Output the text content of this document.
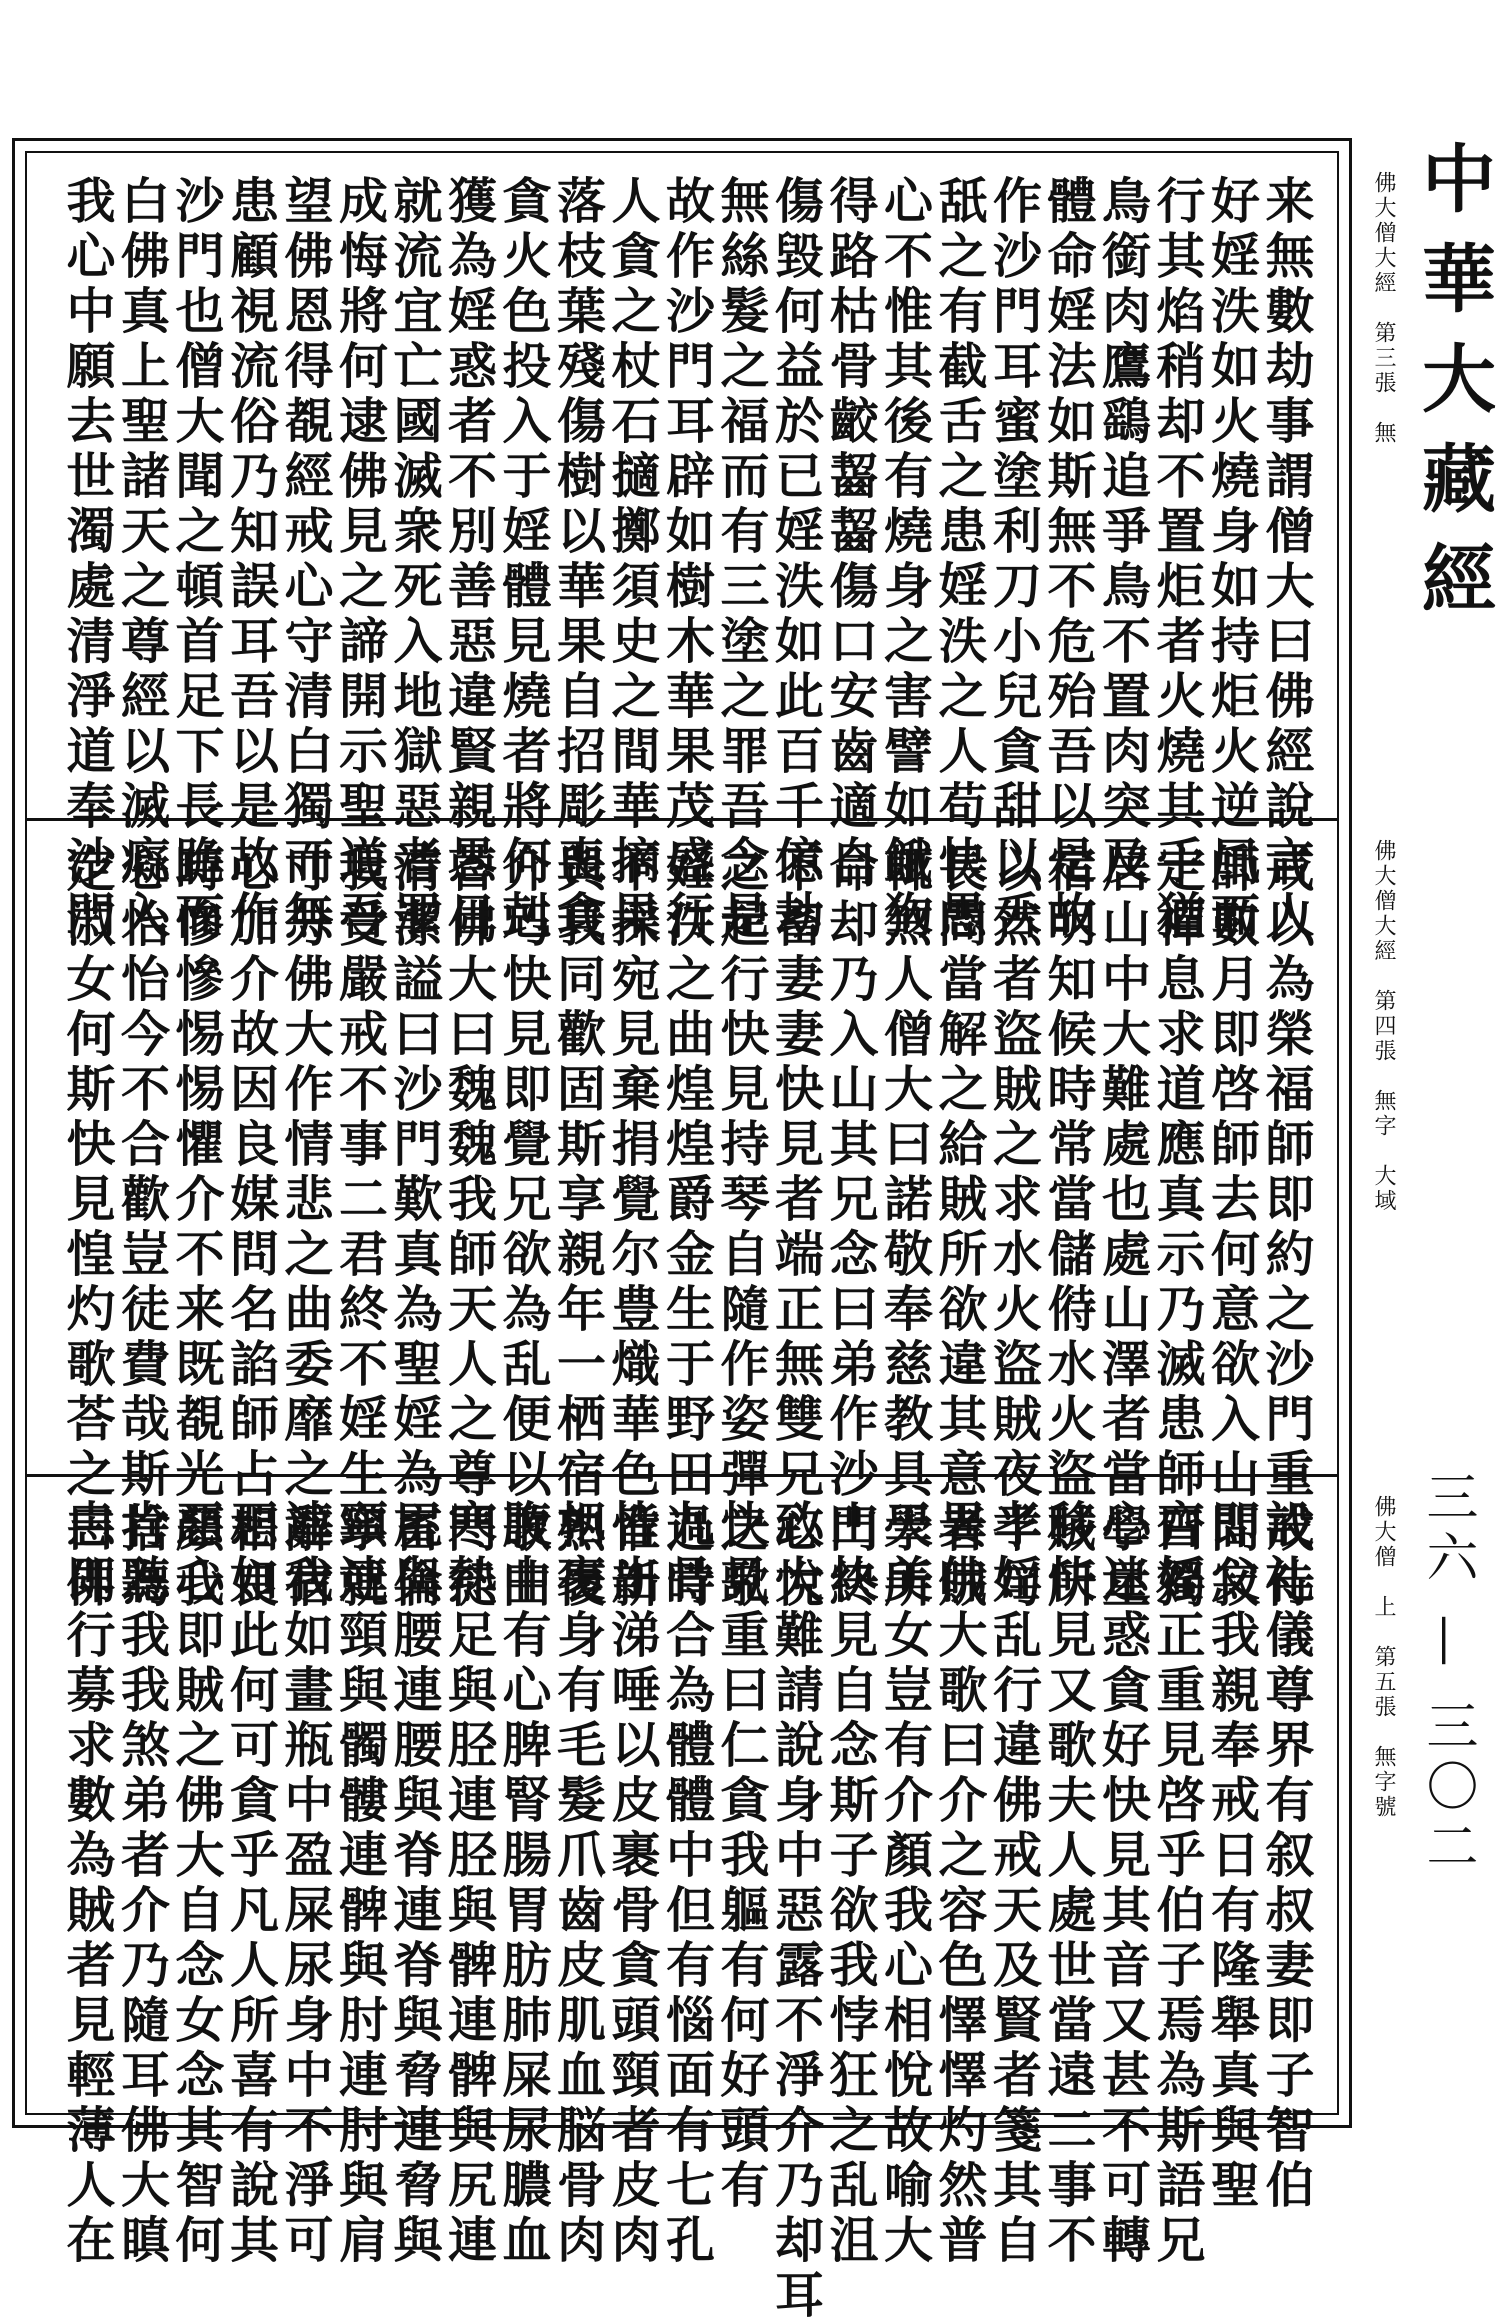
来無數劫事謂僧大曰佛經說言人
好婬泆如火燒身如持炬火逆風而
行其焰稍却不置炬者火燒其手猶
鳥銜肉鷹鷂追爭鳥不置肉突及
體命婬法如斯無不危殆吾以是故
作沙門耳蜜塗利刀小兒貪甜以舌
舐之有截舌之患婬泆之人苟快愚
心不惟其後有燒身之害譬如餓狗
得路枯骨齩齧齧傷口安齒適自
傷毀何益於已婬泆如此百千億劫
無絲髮之福而有三塗之罪吾念是
故作沙門耳辟如樹木華果茂盛行
人貪之杖石擿擲須史之間華摘果
落枝葉殘傷樹以華果自招彫喪貪
貪火色投入于婬體見燒者將何剋
獲為婬惑者不別善惡違賢親愚日
就流宜亡國滅衆死入地獄惡者罪
成悔將何逮佛見之諦開示聖道吾
望佛恩得覩經戒心守清白獨而無
患顧視流俗乃知誤耳吾以是故作
沙門也僧大聞之頓首足下長跪而
白佛真上聖諸天之尊經以滅癡入
我心中願去世濁處清淨道奉沙門	佛大僧大經　第三張　無
戒以為榮福師即約之沙門重戒侍
師數月即啓師去何意欲入山間寂
定禪息求道應真示乃滅患師曰獨
居山中大難處也處山澤者當學星
宿明知候時常當儲偫水火盜賊所
以然者盜賊之求水火盜賊夜半句
長問當解之給賊所欲違其意者賊
輒煞人僧大曰諾敬奉慈教具學所
命却乃入山其兄念曰弟作沙門終
不畜妻妻快見者端正無雙兄心悅
之起行快見持琴自隨作姿彈之歌
婬泆之曲煌煌爵金生于野田過時
不採宛見棄捐覺尔豊熾華色惟新
與我同歡固斯享親年一栖宿熟復
介巧快見即覺兄欲為乱便以歌曲
荅佛大曰魏魏我師天人之尊門徒
清潔謚曰沙門歎真為聖婬為畜倫
我受嚴戒不事二君終不婬生寧就
寸分佛大作情悲之曲委靡之辭宿
心加介故因良媒問名諂師占相良
時慘慘惕惕懼介不来既覩光顏我
心怡怡今不合歡豈徒費哉斯捨為
定淑女何斯快見惶灼歌荅之曰佛	佛大僧大經　第四張　無字　大域
設礼儀尊界有叙叔妻即子智伯
即父我親奉戒日有隆舉真與聖
齊婬正重見啓乎伯子焉為斯語兄
心迷惑貪好快見其音又甚不可轉
移快見又歌夫人處世當遠二事不
孝婬乱行違佛戒天及賢者箋其自
異佛大歌曰介之容色懌懌灼然普
天美女豈有介顏我心相悅故喻大
山快見自念斯子欲我悖狂之乱沮
致大難請說身中惡露不淨介乃却耳
快見重曰仁貪我軀有何好頭有
九骨合為體體中但有惱面有七孔
皆出涕唾以皮裹骨貪頭頸者皮肉
相裹身有毛髮爪齒皮肌血脳骨肉
腹中有心脾腎腸胃肪肺屎尿膿血
寒熱足與胫連胫與髀連髀與尻連
尻與腰連腰與脊連脊與脅連脅與
頸連頸與髑髏連髀與肘連肘與肩
連我如畫瓶中盈屎尿身中不淨可
惡如此何可貪乎凡人所喜有說其
惡心即賊之佛大自念女念其智何
肯聽我我煞弟者介乃隨耳佛大瞋
恚即行募求數為賊者見輕薄人在	佛大僧　上　第五張　無字號
中華大藏經
三六 — 三〇二
